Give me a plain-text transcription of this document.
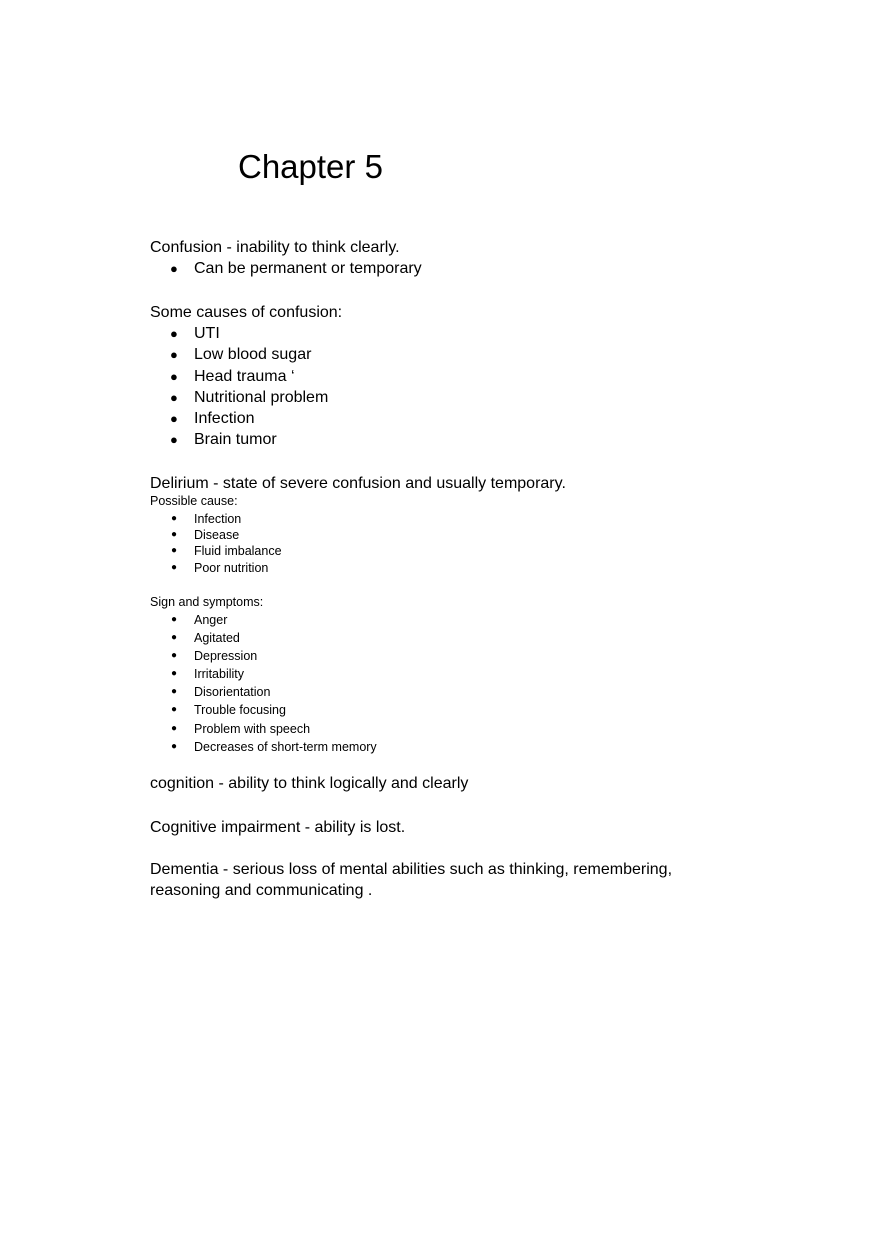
Chapter 5

Confusion - inability to think clearly.

● Can be permanent or temporary

Some causes of confusion:

● UTI
● Low blood sugar
● Head trauma ‘
● Nutritional problem
● Infection
● Brain tumor

Delirium - state of severe confusion and usually temporary.

Possible cause:

● Infection
● Disease
● Fluid imbalance
● Poor nutrition

Sign and symptoms:

● Anger
● Agitated
● Depression
● Irritability
● Disorientation
● Trouble focusing
● Problem with speech
● Decreases of short-term memory

cognition - ability to think logically and clearly

Cognitive impairment - ability is lost.

Dementia - serious loss of mental abilities such as thinking, remembering,

reasoning and communicating .
